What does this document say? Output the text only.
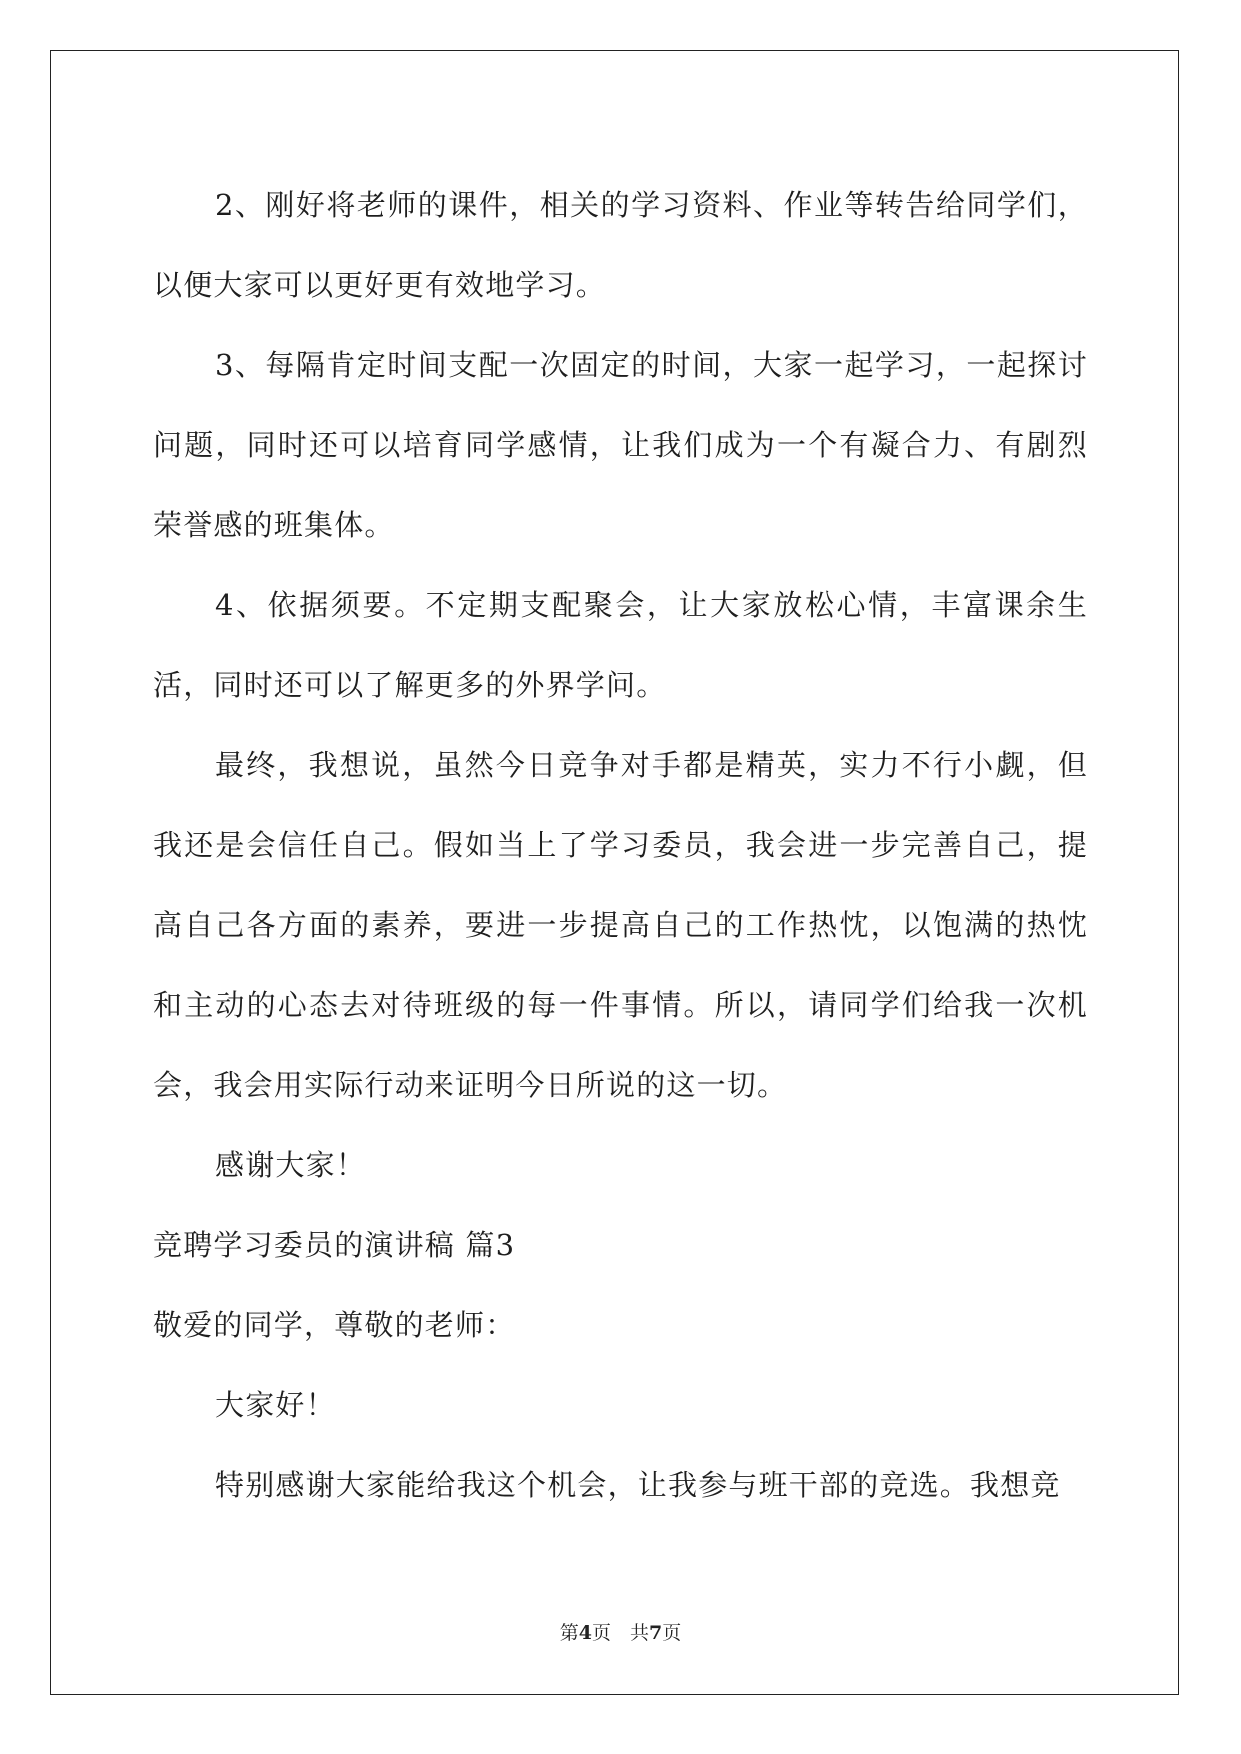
2、刚好将老师的课件，相关的学习资料、作业等转告给同学们，以便大家可以更好更有效地学习。

3、每隔肯定时间支配一次固定的时间，大家一起学习，一起探讨问题，同时还可以培育同学感情，让我们成为一个有凝合力、有剧烈荣誉感的班集体。

4、依据须要。不定期支配聚会，让大家放松心情，丰富课余生活，同时还可以了解更多的外界学问。

最终，我想说，虽然今日竞争对手都是精英，实力不行小觑，但我还是会信任自己。假如当上了学习委员，我会进一步完善自己，提高自己各方面的素养，要进一步提高自己的工作热忱，以饱满的热忱和主动的心态去对待班级的每一件事情。所以，请同学们给我一次机会，我会用实际行动来证明今日所说的这一切。

感谢大家！

竞聘学习委员的演讲稿 篇3

敬爱的同学，尊敬的老师：

大家好！

特别感谢大家能给我这个机会，让我参与班干部的竞选。我想竞

第4页　共7页
